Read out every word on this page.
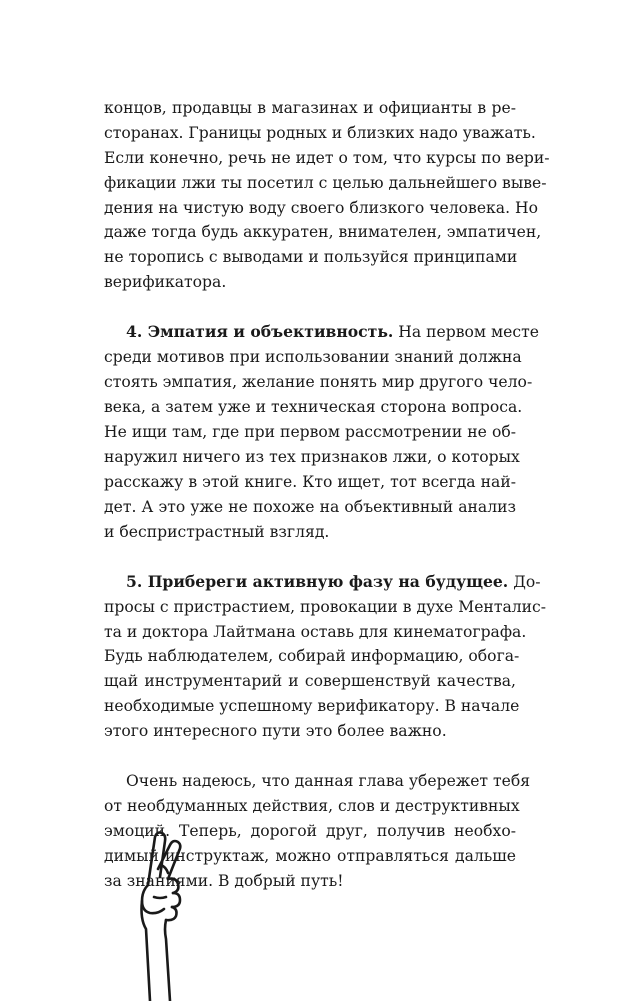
концов, продавцы в магазинах и официанты в ре-
сторанах. Границы родных и близких надо уважать.
Если конечно, речь не идет о том, что курсы по вери-
фикации лжи ты посетил с целью дальнейшего выве-
дения на чистую воду своего близкого человека. Но
даже тогда будь аккуратен, внимателен, эмпатичен,
не торопись с выводами и пользуйся принципами
верификатора.
4. Эмпатия и объективность. На первом месте
среди мотивов при использовании знаний должна
стоять эмпатия, желание понять мир другого чело-
века, а затем уже и техническая сторона вопроса.
Не ищи там, где при первом рассмотрении не об-
наружил ничего из тех признаков лжи, о которых
расскажу в этой книге. Кто ищет, тот всегда най-
дет. А это уже не похоже на объективный анализ
и беспристрастный взгляд.
5. Прибереги активную фазу на будущее. До-
просы с пристрастием, провокации в духе Менталис-
та и доктора Лайтмана оставь для кинематографа.
Будь наблюдателем, собирай информацию, обога-
щай инструментарий и совершенствуй качества,
необходимые успешному верификатору. В начале
этого интересного пути это более важно.
Очень надеюсь, что данная глава убережет тебя
от необдуманных действия, слов и деструктивных
эмоций. Теперь, дорогой друг, получив необхо-
димый инструктаж, можно отправляться дальше
за знаниями. В добрый путь!
